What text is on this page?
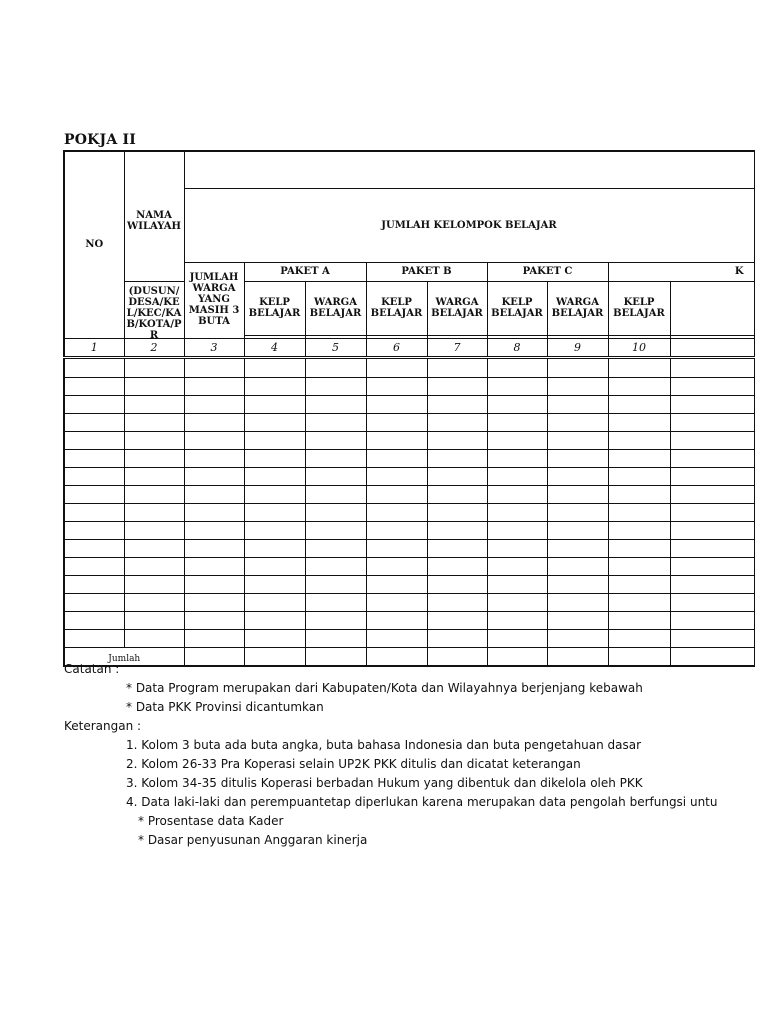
POKJA II
NO	NAMA WILAYAH									
		JUMLAH KELOMPOK BELAJAR								

		JUMLAH WARGA YANG MASIH 3 BUTA	PAKET A		PAKET B		PAKET C		K	

	(DUSUN/DESA/KEL/KEC/KAB/KOTA/PR		KELP BELAJAR	WARGA BELAJAR	KELP BELAJAR	WARGA BELAJAR	KELP BELAJAR	WARGA BELAJAR	KELP BELAJAR	

1	2	3	4	5	6	7	8	9	10	

Jumlah										
Catatan :
* Data Program merupakan dari Kabupaten/Kota dan Wilayahnya berjenjang kebawah
* Data PKK Provinsi dicantumkan
Keterangan :
1. Kolom 3 buta ada buta angka, buta bahasa Indonesia dan buta pengetahuan dasar
2. Kolom 26-33 Pra Koperasi selain UP2K PKK ditulis dan dicatat keterangan
3. Kolom 34-35 ditulis Koperasi berbadan Hukum yang dibentuk dan dikelola oleh PKK
4. Data laki-laki dan perempuantetap diperlukan karena merupakan data pengolah berfungsi untu
* Prosentase data Kader
* Dasar penyusunan Anggaran kinerja
